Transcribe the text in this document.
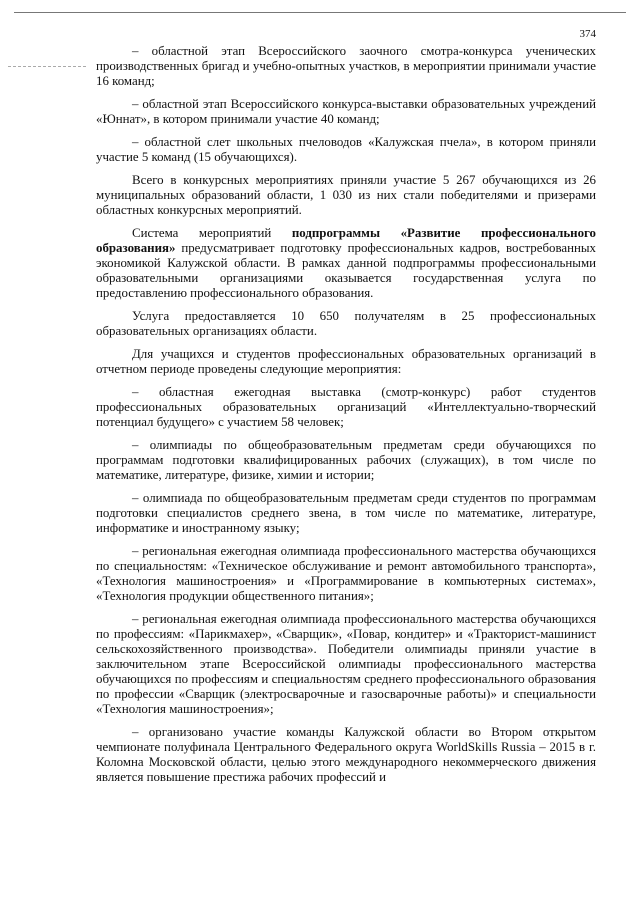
374

– областной этап Всероссийского заочного смотра-конкурса ученических производственных бригад и учебно-опытных участков, в мероприятии принимали участие 16 команд;

– областной этап Всероссийского конкурса-выставки образовательных учреждений «Юннат», в котором принимали участие 40 команд;

– областной слет школьных пчеловодов «Калужская пчела», в котором приняли участие 5 команд (15 обучающихся).

Всего в конкурсных мероприятиях приняли участие 5 267 обучающихся из 26 муниципальных образований области, 1 030 из них стали победителями и призерами областных конкурсных мероприятий.

Система мероприятий подпрограммы «Развитие профессионального образования» предусматривает подготовку профессиональных кадров, востребованных экономикой Калужской области. В рамках данной подпрограммы профессиональными образовательными организациями оказывается государственная услуга по предоставлению профессионального образования.

Услуга предоставляется 10 650 получателям в 25 профессиональных образовательных организациях области.

Для учащихся и студентов профессиональных образовательных организаций в отчетном периоде проведены следующие мероприятия:

– областная ежегодная выставка (смотр-конкурс) работ студентов профессиональных образовательных организаций «Интеллектуально-творческий потенциал будущего» с участием 58 человек;

– олимпиады по общеобразовательным предметам среди обучающихся по программам подготовки квалифицированных рабочих (служащих), в том числе по математике, литературе, физике, химии и истории;

– олимпиада по общеобразовательным предметам среди студентов по программам подготовки специалистов среднего звена, в том числе по математике, литературе, информатике и иностранному языку;

– региональная ежегодная олимпиада профессионального мастерства обучающихся по специальностям: «Техническое обслуживание и ремонт автомобильного транспорта», «Технология машиностроения» и «Программирование в компьютерных системах», «Технология продукции общественного питания»;

– региональная ежегодная олимпиада профессионального мастерства обучающихся по профессиям: «Парикмахер», «Сварщик», «Повар, кондитер» и «Тракторист-машинист сельскохозяйственного производства». Победители олимпиады приняли участие в заключительном этапе Всероссийской олимпиады профессионального мастерства обучающихся по профессиям и специальностям среднего профессионального образования по профессии «Сварщик (электросварочные и газосварочные работы)» и специальности «Технология машиностроения»;

– организовано участие команды Калужской области во Втором открытом чемпионате полуфинала Центрального Федерального округа WorldSkills Russia – 2015 в г. Коломна Московской области, целью этого международного некоммерческого движения является повышение престижа рабочих профессий и
